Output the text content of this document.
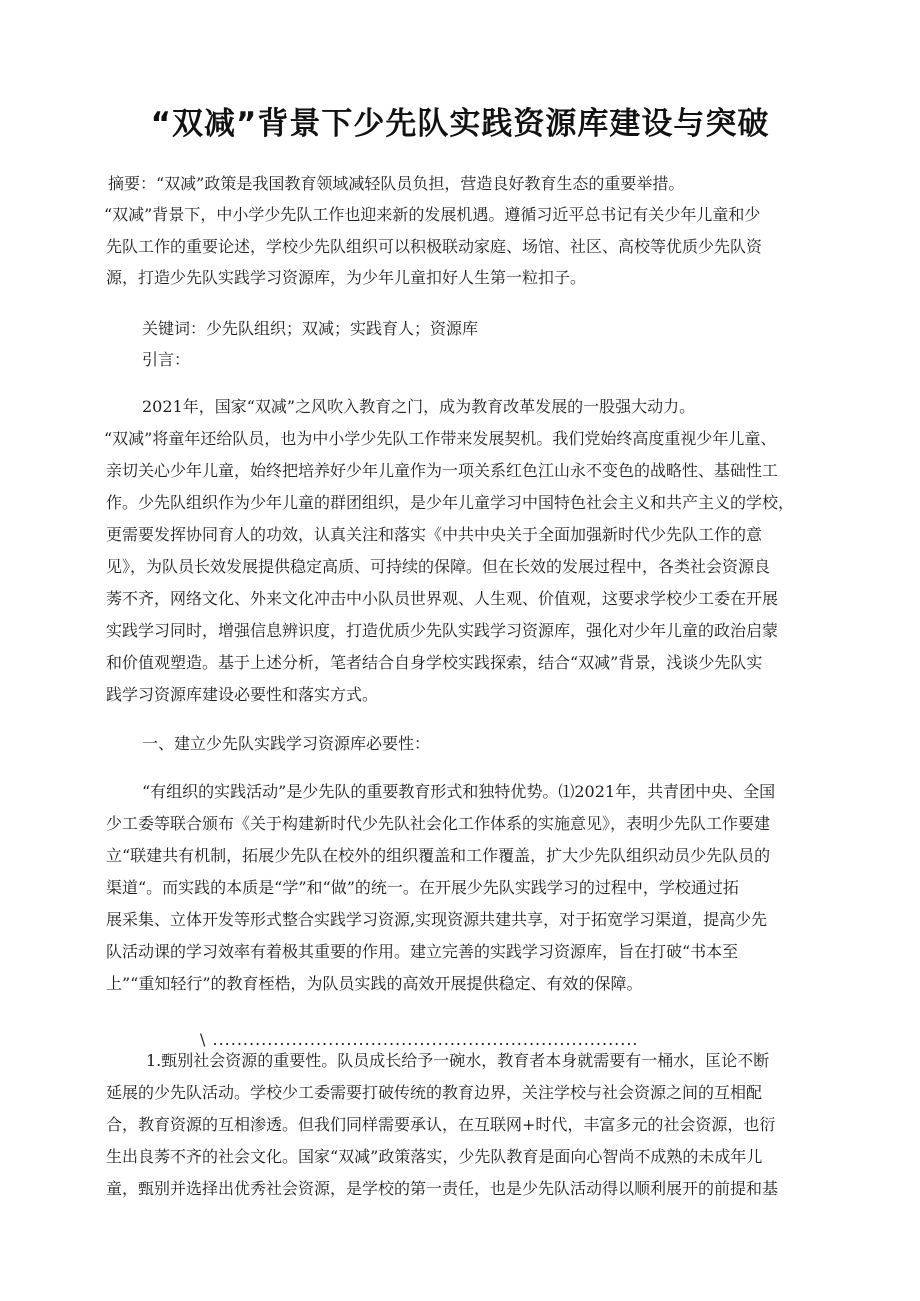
“双减”背景下少先队实践资源库建设与突破

摘要：“双减”政策是我国教育领域减轻队员负担，营造良好教育生态的重要举措。

“双减”背景下，中小学少先队工作也迎来新的发展机遇。遵循习近平总书记有关少年儿童和少

先队工作的重要论述，学校少先队组织可以积极联动家庭、场馆、社区、高校等优质少先队资

源，打造少先队实践学习资源库，为少年儿童扣好人生第一粒扣子。

关键词：少先队组织；双减；实践育人；资源库

引言：

2021年，国家“双减”之风吹入教育之门，成为教育改革发展的一股强大动力。

“双减”将童年还给队员，也为中小学少先队工作带来发展契机。我们党始终高度重视少年儿童、

亲切关心少年儿童，始终把培养好少年儿童作为一项关系红色江山永不变色的战略性、基础性工

作。少先队组织作为少年儿童的群团组织，是少年儿童学习中国特色社会主义和共产主义的学校，

更需要发挥协同育人的功效，认真关注和落实《中共中央关于全面加强新时代少先队工作的意

见》，为队员长效发展提供稳定高质、可持续的保障。但在长效的发展过程中，各类社会资源良

莠不齐，网络文化、外来文化冲击中小队员世界观、人生观、价值观，这要求学校少工委在开展

实践学习同时，增强信息辨识度，打造优质少先队实践学习资源库，强化对少年儿童的政治启蒙

和价值观塑造。基于上述分析，笔者结合自身学校实践探索，结合“双减”背景，浅谈少先队实

践学习资源库建设必要性和落实方式。

一、建立少先队实践学习资源库必要性：

“有组织的实践活动”是少先队的重要教育形式和独特优势。⑴2021年，共青团中央、全国

少工委等联合颁布《关于构建新时代少先队社会化工作体系的实施意见》，表明少先队工作要建

立“联建共有机制，拓展少先队在校外的组织覆盖和工作覆盖，扩大少先队组织动员少先队员的

渠道“。而实践的本质是“学”和“做”的统一。在开展少先队实践学习的过程中，学校通过拓

展采集、立体开发等形式整合实践学习资源,实现资源共建共享，对于拓宽学习渠道，提高少先

队活动课的学习效率有着极其重要的作用。建立完善的实践学习资源库，旨在打破“书本至

上”“重知轻行”的教育桎梏，为队员实践的高效开展提供稳定、有效的保障。

\ ......................................................................

1.甄别社会资源的重要性。队员成长给予一碗水，教育者本身就需要有一桶水，匡论不断

延展的少先队活动。学校少工委需要打破传统的教育边界，关注学校与社会资源之间的互相配

合，教育资源的互相渗透。但我们同样需要承认，在互联网+时代，丰富多元的社会资源，也衍

生出良莠不齐的社会文化。国家“双减”政策落实，少先队教育是面向心智尚不成熟的未成年儿

童，甄别并选择出优秀社会资源，是学校的第一责任，也是少先队活动得以顺利展开的前提和基
